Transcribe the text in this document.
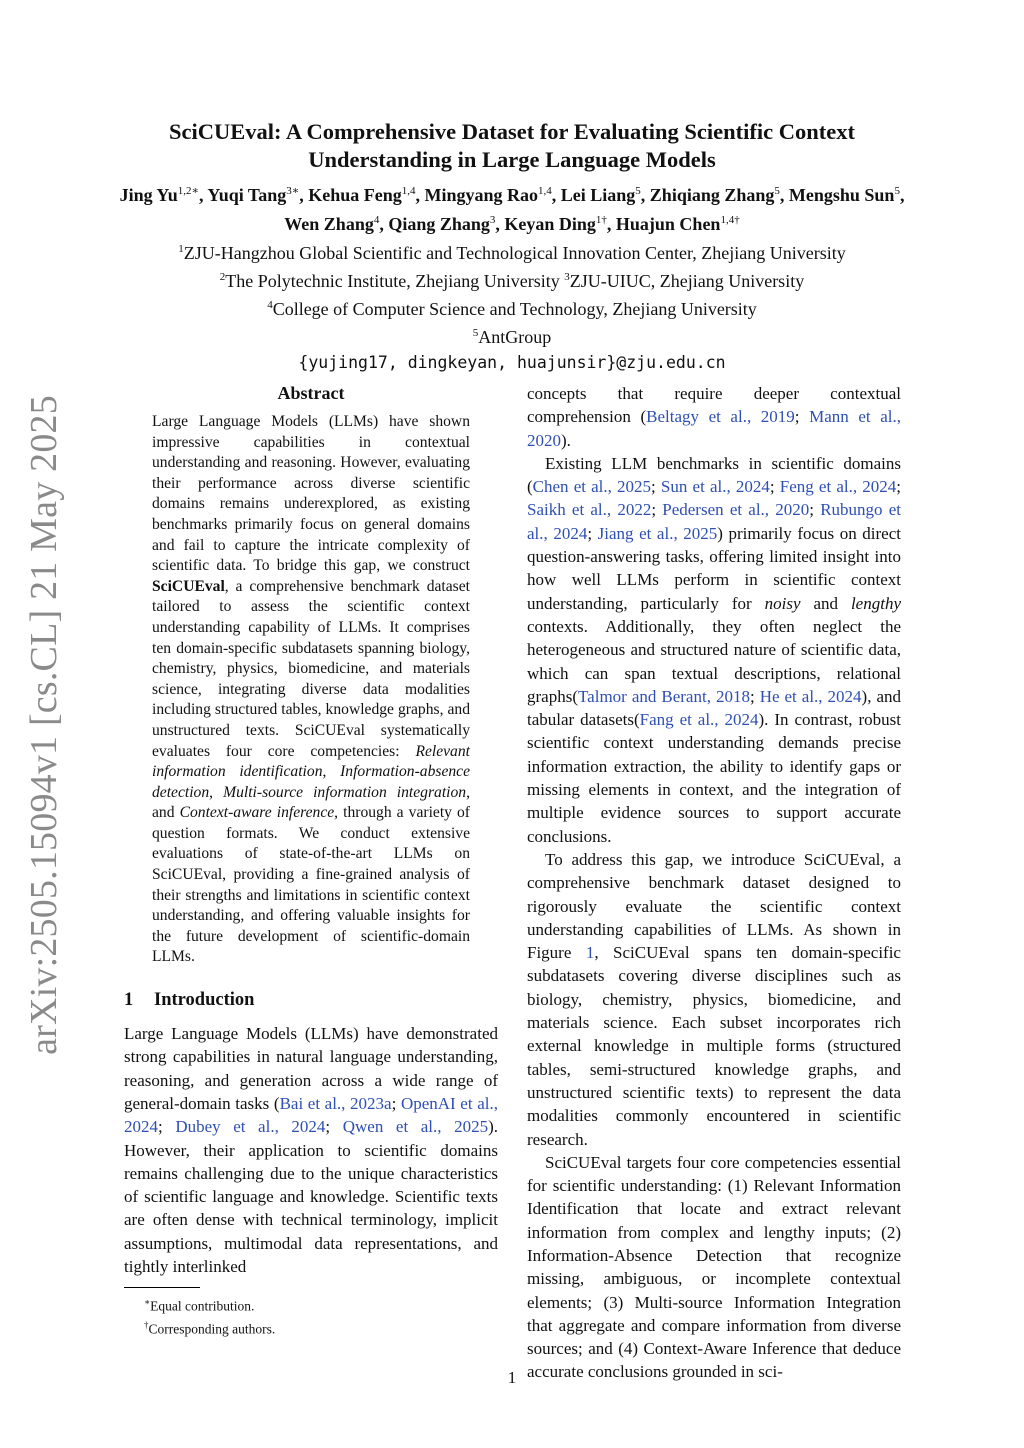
arXiv:2505.15094v1 [cs.CL] 21 May 2025
SciCUEval: A Comprehensive Dataset for Evaluating Scientific Context
Understanding in Large Language Models
Jing $Yu^{1,2∗}$, Yuqi Tang$^{3∗}$, Kehua Feng$^{1,4}$, Mingyang Rao$^{1,4}$, Lei Liang$^5$, Zhiqiang Zhang$^5$, Mengshu Sun$^5$,
Wen Zhang$^4$, Qiang Zhang$^3$, Keyan Ding$^{1\dagger}$, Huajun Chen$^{1,4\dagger}$
$^1$ZJU-Hangzhou Global Scientific and Technological Innovation Center, Zhejiang University
$^2$The Polytechnic Institute, Zhejiang University $^3$ZJU-UIUC, Zhejiang University
$^4$College of Computer Science and Technology, Zhejiang University
$^5$AntGroup
{yujing17, dingkeyan, huajunsir}@zju.edu.cn
Abstract

Large Language Models (LLMs) have shown impressive capabilities in contextual understanding and reasoning. However, evaluating their performance across diverse scientific domains remains underexplored, as existing benchmarks primarily focus on general domains and fail to capture the intricate complexity of scientific data. To bridge this gap, we construct SciCUEval, a comprehensive benchmark dataset tailored to assess the scientific context understanding capability of LLMs. It comprises ten domain-specific subdatasets spanning biology, chemistry, physics, biomedicine, and materials science, integrating diverse data modalities including structured tables, knowledge graphs, and unstructured texts. SciCUEval systematically evaluates four core competencies: Relevant information identification, Information-absence detection, Multi-source information integration, and Context-aware inference, through a variety of question formats. We conduct extensive evaluations of state-of-the-art LLMs on SciCUEval, providing a fine-grained analysis of their strengths and limitations in scientific context understanding, and offering valuable insights for the future development of scientific-domain LLMs.

1 Introduction

Large Language Models (LLMs) have demonstrated strong capabilities in natural language understanding, reasoning, and generation across a wide range of general-domain tasks (Bai et al., 2023a; OpenAI et al., 2024; Dubey et al., 2024; Qwen et al., 2025). However, their application to scientific domains remains challenging due to the unique characteristics of scientific language and knowledge. Scientific texts are often dense with technical terminology, implicit assumptions, multimodal data representations, and tightly interlinked

∗Equal contribution.
†Corresponding authors.

concepts that require deeper contextual comprehension (Beltagy et al., 2019; Mann et al., 2020).

Existing LLM benchmarks in scientific domains (Chen et al., 2025; Sun et al., 2024; Feng et al., 2024; Saikh et al., 2022; Pedersen et al., 2020; Rubungo et al., 2024; Jiang et al., 2025) primarily focus on direct question-answering tasks, offering limited insight into how well LLMs perform in scientific context understanding, particularly for noisy and lengthy contexts. Additionally, they often neglect the heterogeneous and structured nature of scientific data, which can span textual descriptions, relational graphs(Talmor and Berant, 2018; He et al., 2024), and tabular datasets(Fang et al., 2024). In contrast, robust scientific context understanding demands precise information extraction, the ability to identify gaps or missing elements in context, and the integration of multiple evidence sources to support accurate conclusions.

To address this gap, we introduce SciCUEval, a comprehensive benchmark dataset designed to rigorously evaluate the scientific context understanding capabilities of LLMs. As shown in Figure 1, SciCUEval spans ten domain-specific subdatasets covering diverse disciplines such as biology, chemistry, physics, biomedicine, and materials science. Each subset incorporates rich external knowledge in multiple forms (structured tables, semi-structured knowledge graphs, and unstructured scientific texts) to represent the data modalities commonly encountered in scientific research.

SciCUEval targets four core competencies essential for scientific understanding: (1) Relevant Information Identification that locate and extract relevant information from complex and lengthy inputs; (2) Information-Absence Detection that recognize missing, ambiguous, or incomplete contextual elements; (3) Multi-source Information Integration that aggregate and compare information from diverse sources; and (4) Context-Aware Inference that deduce accurate conclusions grounded in sci-

1
